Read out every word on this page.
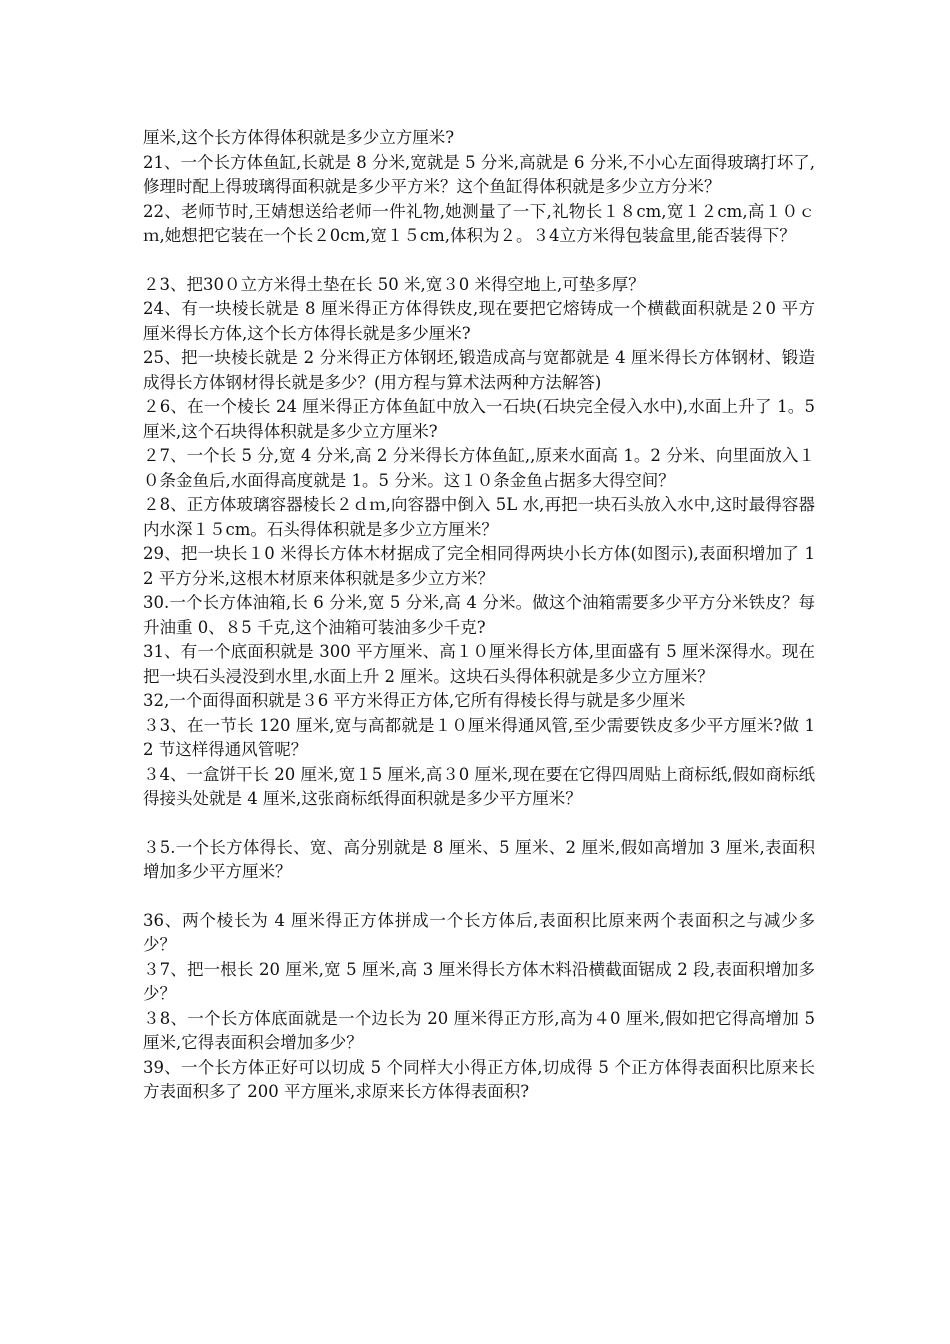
厘米,这个长方体得体积就是多少立方厘米?

21、一个长方体鱼缸,长就是 8 分米,宽就是 5 分米,高就是 6 分米,不小心左面得玻璃打坏了,修理时配上得玻璃得面积就是多少平方米？这个鱼缸得体积就是多少立方分米？

22、老师节时,王婧想送给老师一件礼物,她测量了一下,礼物长１８cm,宽１２cm,高１０ｃｍ,她想把它装在一个长２0cm,宽１５cm,体积为２。３4立方米得包装盒里,能否装得下？

２3、把30０立方米得土垫在长 50 米,宽３0 米得空地上,可垫多厚？

24、有一块棱长就是 8 厘米得正方体得铁皮,现在要把它熔铸成一个横截面积就是２0 平方厘米得长方体,这个长方体得长就是多少厘米?

25、把一块棱长就是 2 分米得正方体钢坯,锻造成高与宽都就是 4 厘米得长方体钢材、锻造成得长方体钢材得长就是多少？(用方程与算术法两种方法解答)

２6、在一个棱长 24 厘米得正方体鱼缸中放入一石块(石块完全侵入水中),水面上升了 1。5 厘米,这个石块得体积就是多少立方厘米?

２7、一个长 5 分,宽 4 分米,高 2 分米得长方体鱼缸,,原来水面高 1。2 分米、向里面放入１０条金鱼后,水面得高度就是 1。5 分米。这１０条金鱼占据多大得空间？

２8、正方体玻璃容器棱长２ｄｍ,向容器中倒入 5L 水,再把一块石头放入水中,这时最得容器内水深１５cm。石头得体积就是多少立方厘米？

29、把一块长１0 米得长方体木材据成了完全相同得两块小长方体(如图示),表面积增加了 12 平方分米,这根木材原来体积就是多少立方米？

30.一个长方体油箱,长 6 分米,宽 5 分米,高 4 分米。做这个油箱需要多少平方分米铁皮？每升油重 0、８5 千克,这个油箱可装油多少千克?

31、有一个底面积就是 300 平方厘米、高１０厘米得长方体,里面盛有 5 厘米深得水。现在把一块石头浸没到水里,水面上升 2 厘米。这块石头得体积就是多少立方厘米？

32,一个面得面积就是３6 平方米得正方体,它所有得棱长得与就是多少厘米

３3、在一节长 120 厘米,宽与高都就是１０厘米得通风管,至少需要铁皮多少平方厘米?做 12 节这样得通风管呢？

３4、一盒饼干长 20 厘米,宽１5 厘米,高３0 厘米,现在要在它得四周贴上商标纸,假如商标纸得接头处就是 4 厘米,这张商标纸得面积就是多少平方厘米？

３5.一个长方体得长、宽、高分别就是 8 厘米、5 厘米、2 厘米,假如高增加 3 厘米,表面积增加多少平方厘米？

36、两个棱长为 4 厘米得正方体拼成一个长方体后,表面积比原来两个表面积之与减少多少？

３7、把一根长 20 厘米,宽 5 厘米,高 3 厘米得长方体木料沿横截面锯成 2 段,表面积增加多少？

３8、一个长方体底面就是一个边长为 20 厘米得正方形,高为４0 厘米,假如把它得高增加 5 厘米,它得表面积会增加多少？

39、一个长方体正好可以切成 5 个同样大小得正方体,切成得 5 个正方体得表面积比原来长方表面积多了 200 平方厘米,求原来长方体得表面积?
